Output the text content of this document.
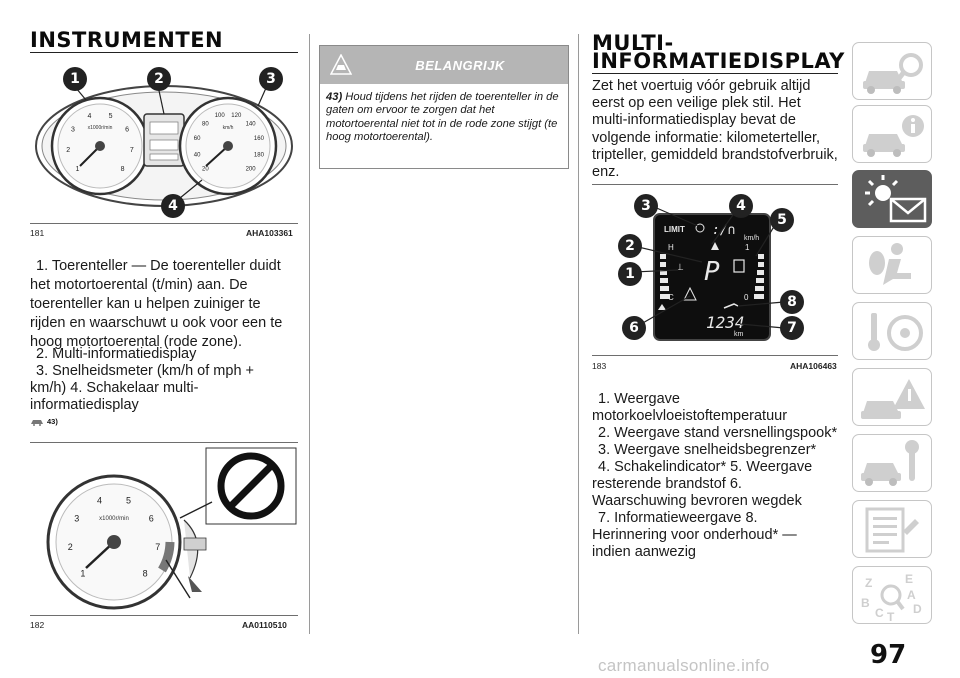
INSTRUMENTEN
1
2
3
4 5
6
7
8
x1000r/min
20
40
60
80
100 120
140
160
180
200
km/h
1	2	3
4
181	AHA103361
1. Toerenteller — De toerenteller duidt het motortoerental (t/min) aan. De toerenteller kan u helpen zuiniger te rijden en waarschuwt u ook voor een te hoog motortoerental (rode zone).
2. Multi-informatiedisplay
3. Snelheidsmeter (km/h of mph + km/h) 4. Schakelaar multi-informatiedisplay
43)
1
2
3
4	5
6
7
8
x1000r/min
182	AA0110510
BELANGRIJK
43) Houd tijdens het rijden de toerenteller in de gaten om ervoor te zorgen dat het motortoerental niet tot in de rode zone stijgt (te hoog motortoerental).
MULTI-
INFORMATIEDISPLAY
Zet het voertuig vóór gebruik altijd eerst op een veilige plek stil. Het multi-informatiedisplay bevat de volgende informatie: kilometerteller, tripteller, gemiddeld brandstofverbruik, enz.
LIMIT :∕∩
km/h
H	1
⊥ P
C	0
1234
km
3	4
5
2
1
8
7
6
183	AHA106463
1. Weergave motorkoelvloeistoftemperatuur
2. Weergave stand versnellingspook*
3. Weergave snelheidsbegrenzer*
4. Schakelindicator* 5. Weergave resterende brandstof 6. Waarschuwing bevroren wegdek
7. Informatieweergave 8. Herinnering voor onderhoud* — indien aanwezig
Z	E
A
B
C D
T
97
carmanualsonline.info
